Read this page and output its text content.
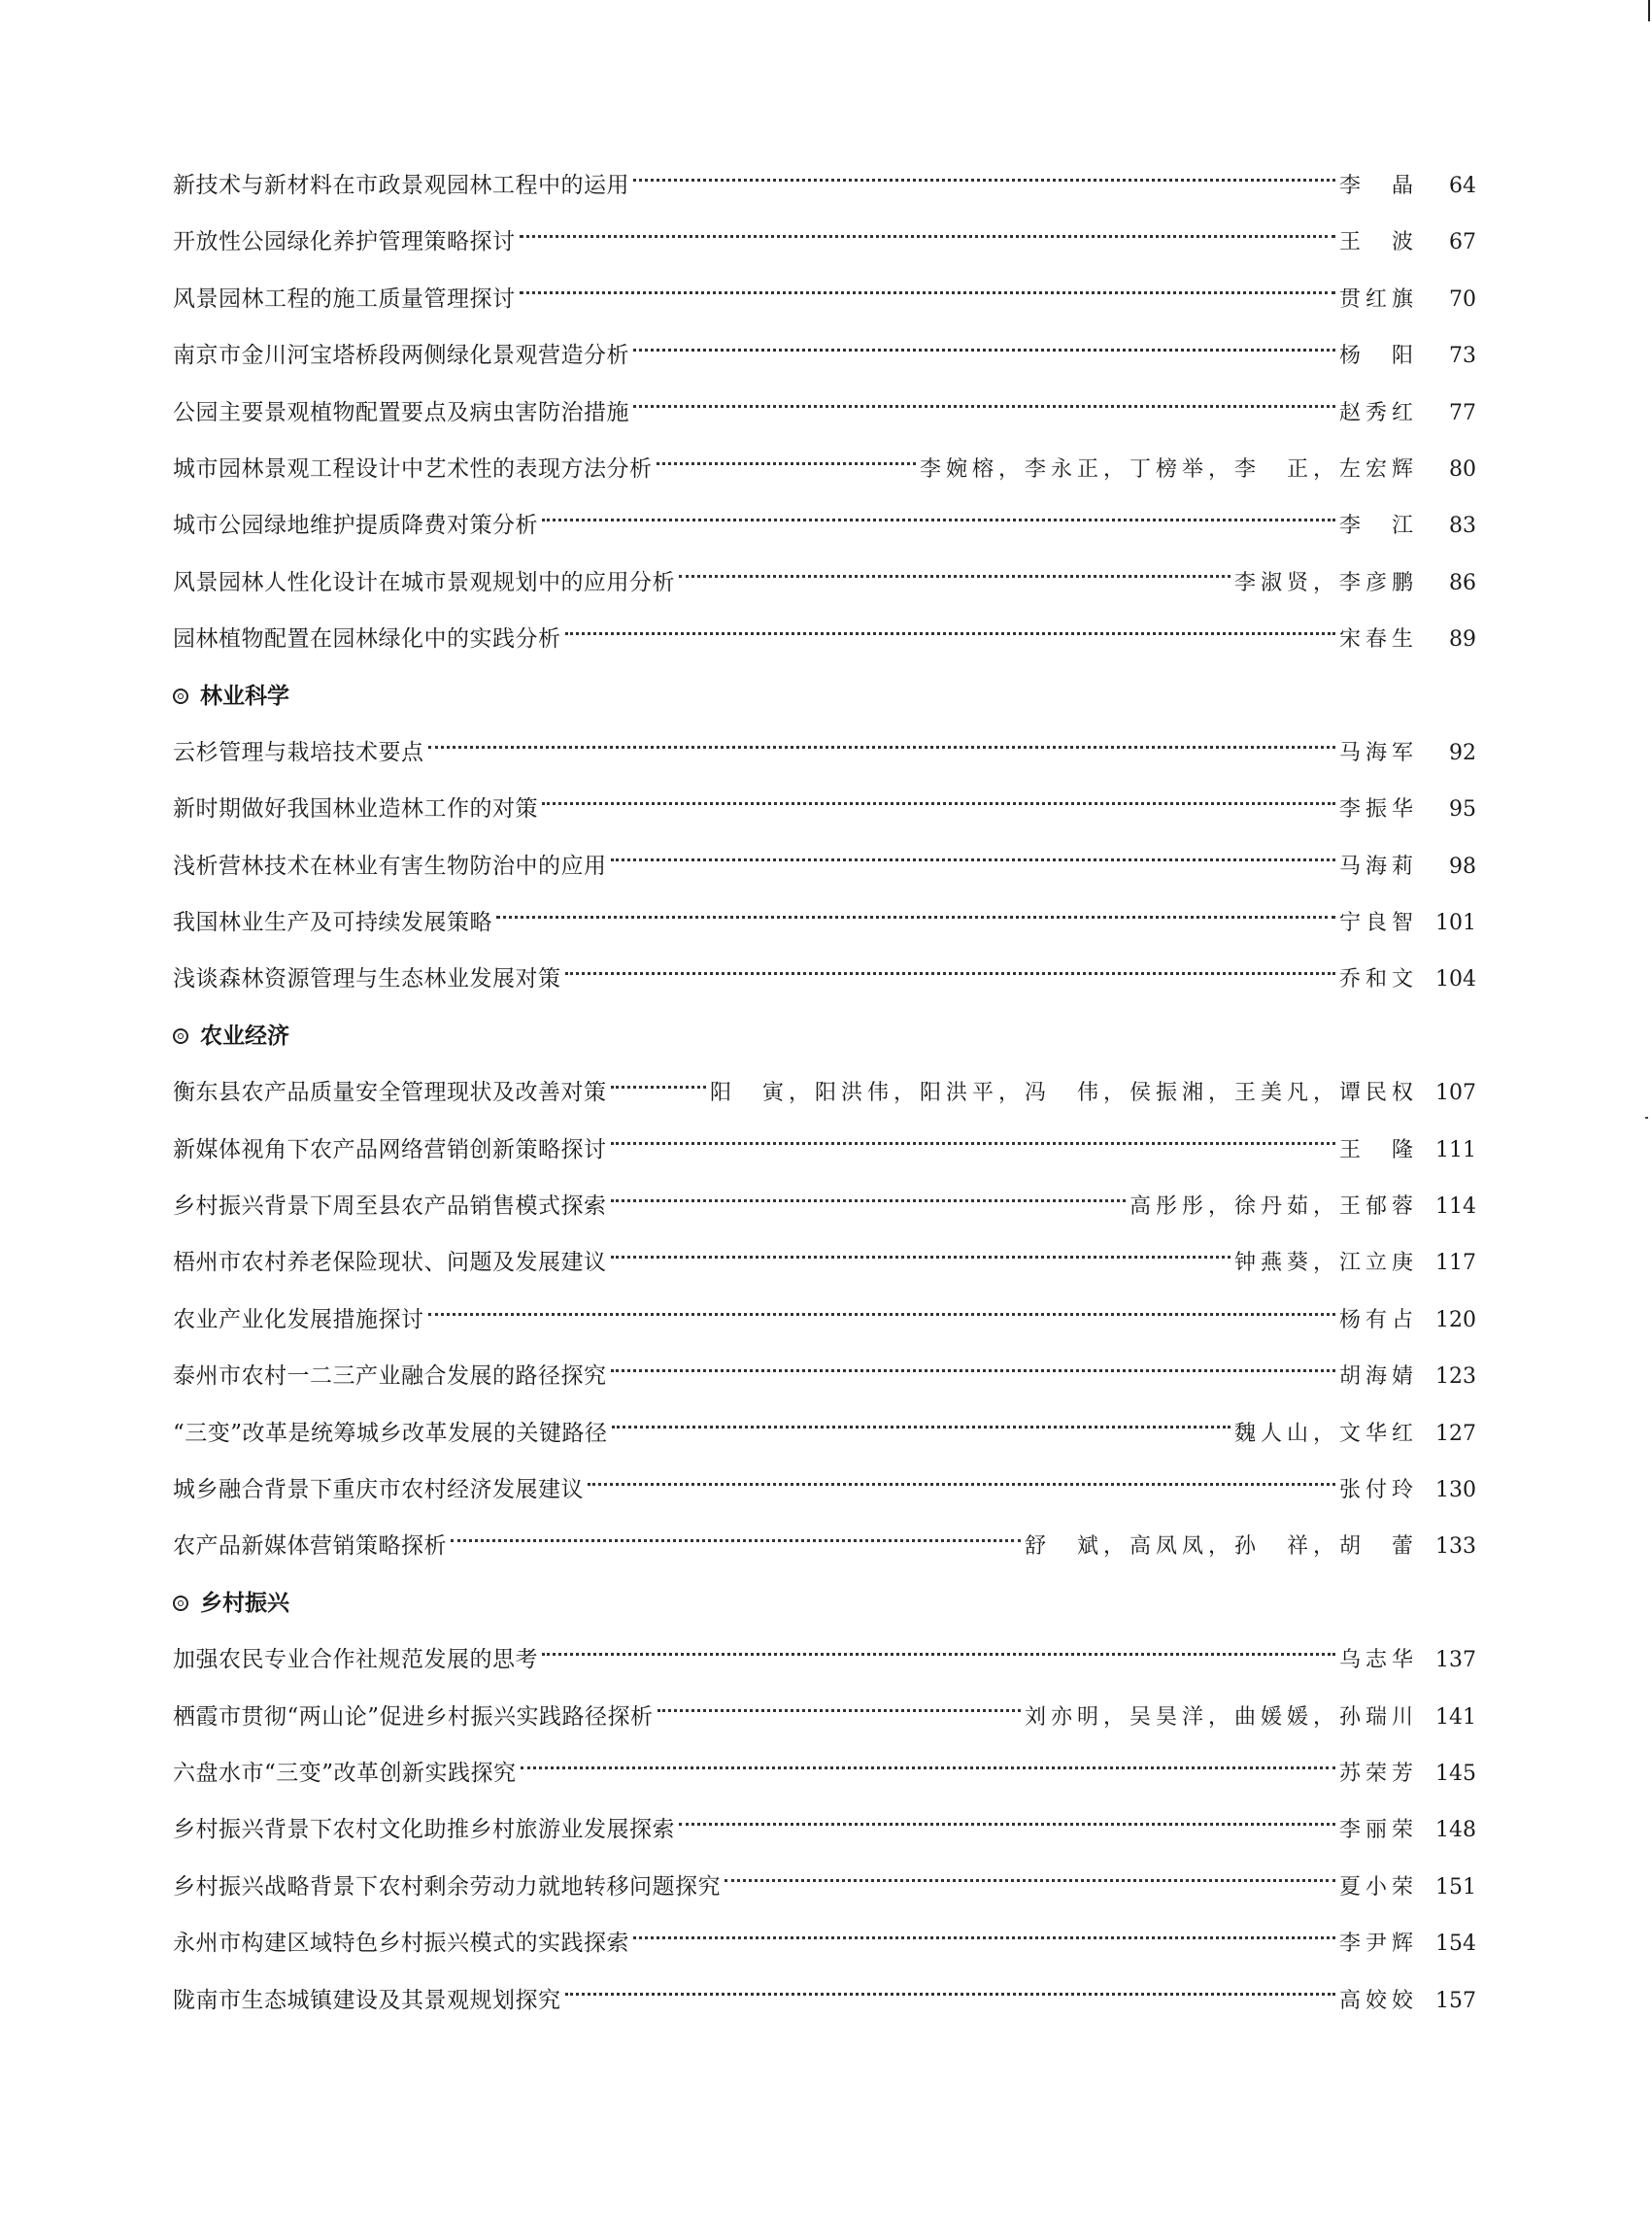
新技术与新材料在市政景观园林工程中的运用	李　晶	64
开放性公园绿化养护管理策略探讨	王　波	67
风景园林工程的施工质量管理探讨	贯红旗	70
南京市金川河宝塔桥段两侧绿化景观营造分析	杨　阳	73
公园主要景观植物配置要点及病虫害防治措施	赵秀红	77
城市园林景观工程设计中艺术性的表现方法分析	李婉榕，李永正，丁榜举，李　正，左宏辉	80
城市公园绿地维护提质降费对策分析	李　江	83
风景园林人性化设计在城市景观规划中的应用分析	李淑贤，李彦鹏	86
园林植物配置在园林绿化中的实践分析	宋春生	89
林业科学
云杉管理与栽培技术要点	马海军	92
新时期做好我国林业造林工作的对策	李振华	95
浅析营林技术在林业有害生物防治中的应用	马海莉	98
我国林业生产及可持续发展策略	宁良智 101
浅谈森林资源管理与生态林业发展对策	乔和文 104
农业经济
衡东县农产品质量安全管理现状及改善对策	阳　寅，阳洪伟，阳洪平，冯　伟，侯振湘，王美凡，谭民权 107
新媒体视角下农产品网络营销创新策略探讨	王　隆 111
乡村振兴背景下周至县农产品销售模式探索	高彤彤，徐丹茹，王郁蓉 114
梧州市农村养老保险现状、问题及发展建议	钟燕葵，江立庚 117
农业产业化发展措施探讨	杨有占 120
泰州市农村一二三产业融合发展的路径探究	胡海婧 123
“三变”改革是统筹城乡改革发展的关键路径	魏人山，文华红 127
城乡融合背景下重庆市农村经济发展建议	张付玲 130
农产品新媒体营销策略探析	舒　斌，高凤凤，孙　祥，胡　蕾 133
乡村振兴
加强农民专业合作社规范发展的思考	乌志华 137
栖霞市贯彻“两山论”促进乡村振兴实践路径探析	刘亦明，吴昊洋，曲媛媛，孙瑞川 141
六盘水市“三变”改革创新实践探究	苏荣芳 145
乡村振兴背景下农村文化助推乡村旅游业发展探索	李丽荣 148
乡村振兴战略背景下农村剩余劳动力就地转移问题探究	夏小荣 151
永州市构建区域特色乡村振兴模式的实践探索	李尹辉 154
陇南市生态城镇建设及其景观规划探究	高姣姣 157
